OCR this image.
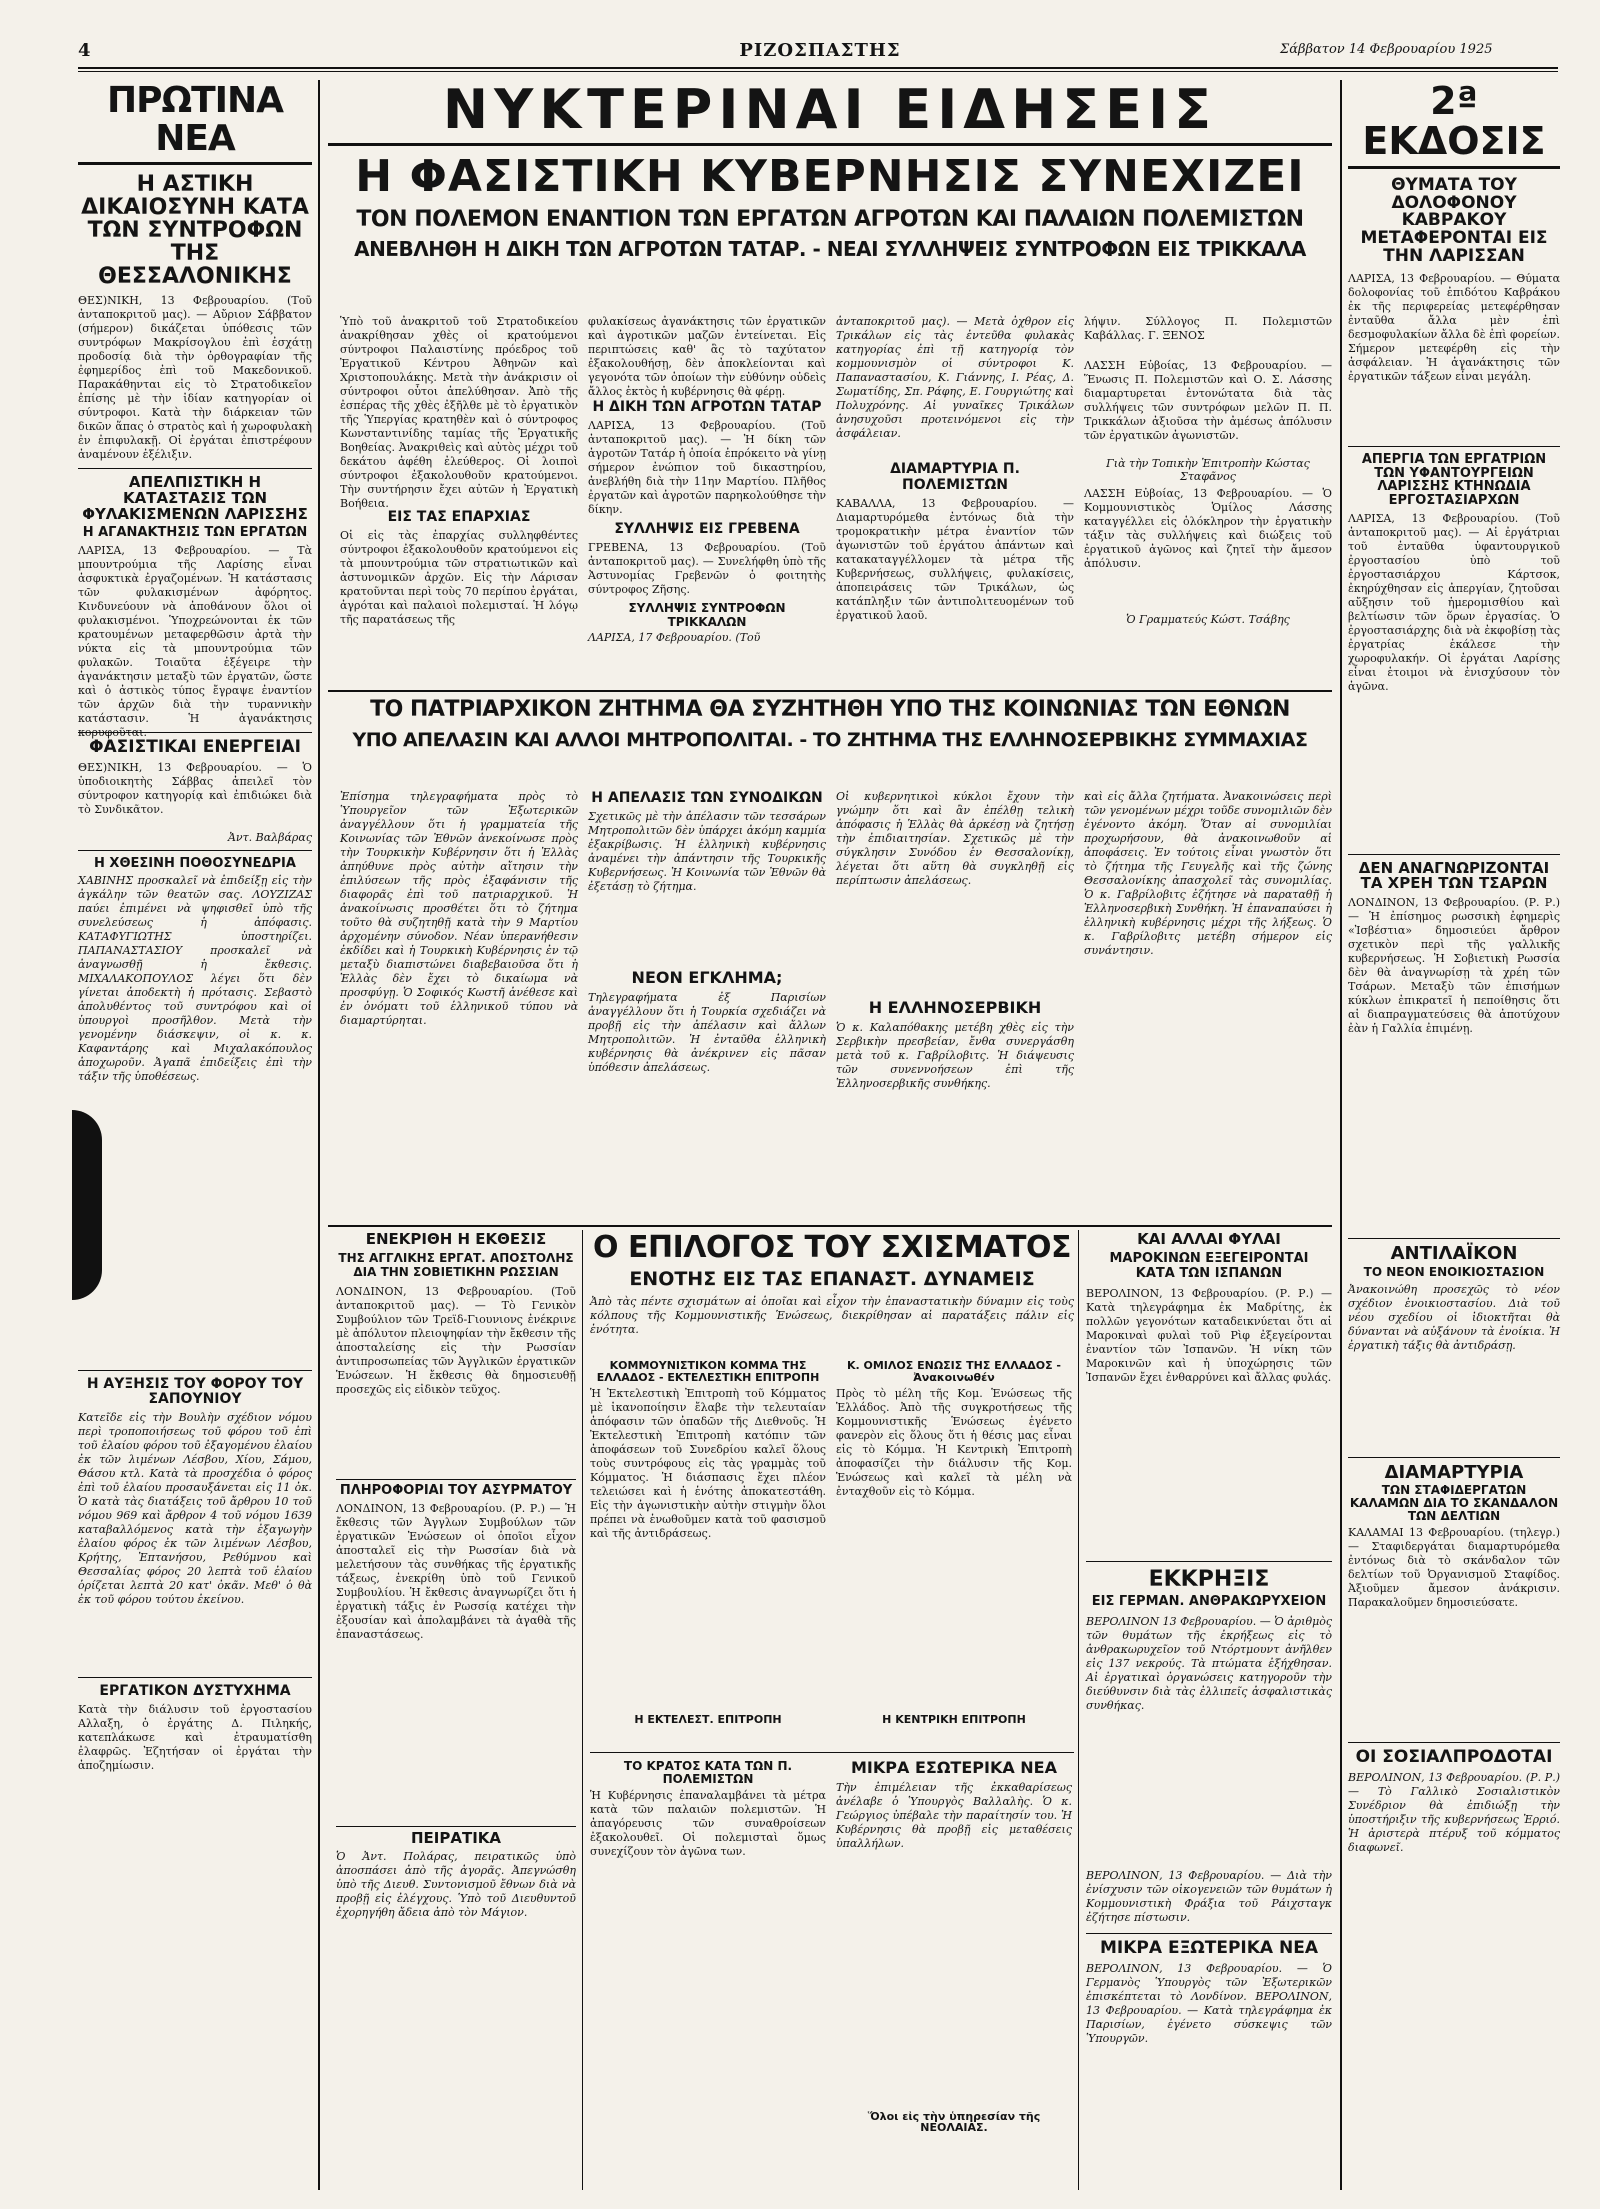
4	ΡΙΖΟΣΠΑΣΤΗΣ	Σάββατον 14 Φεβρουαρίου 1925
ΠΡΩΤΙΝΑ ΝΕΑ
Η ΑΣΤΙΚΗ ΔΙΚΑΙΟΣΥΝΗ ΚΑΤΑ ΤΩΝ ΣΥΝΤΡΟΦΩΝ ΤΗΣ ΘΕΣΣΑΛΟΝΙΚΗΣ
ΘΕΣ)ΝΙΚΗ, 13 Φεβρουαρίου. (Τοῦ ἀνταποκριτοῦ μας). — Αὔριον Σάββατον (σήμερον) δικάζεται ὑπόθεσις τῶν συντρόφων Μακρίσογλου ἐπὶ ἐσχάτῃ προδοσίᾳ διὰ τὴν ὀρθογραφίαν τῆς ἐφημερίδος ἐπὶ τοῦ Μακεδονικοῦ. Παρακάθηνται εἰς τὸ Στρατοδικεῖον ἐπίσης μὲ τὴν ἰδίαν κατηγορίαν οἱ σύντροφοι. Κατὰ τὴν διάρκειαν τῶν δικῶν ἅπας ὁ στρατὸς καὶ ἡ χωροφυλακὴ ἐν ἐπιφυλακῇ. Οἱ ἐργάται ἐπιστρέφουν ἀναμένουν ἐξέλιξιν.
ΑΠΕΛΠΙΣΤΙΚΗ Η ΚΑΤΑΣΤΑΣΙΣ ΤΩΝ ΦΥΛΑΚΙΣΜΕΝΩΝ ΛΑΡΙΣΣΗΣ
Η ΑΓΑΝΑΚΤΗΣΙΣ ΤΩΝ ΕΡΓΑΤΩΝ
ΛΑΡΙΣΑ, 13 Φεβρουαρίου. — Τὰ μπουντρούμια τῆς Λαρίσης εἶναι ἀσφυκτικὰ ἐργαζομένων. Ἡ κατάστασις τῶν φυλακισμένων ἀφόρητος. Κινδυνεύουν νὰ ἀποθάνουν ὅλοι οἱ φυλακισμένοι. Ὑποχρεώνονται ἐκ τῶν κρατουμένων μεταφερθῶσιν ἀρτὰ τὴν νύκτα εἰς τὰ μπουντρούμια τῶν φυλακῶν. Τοιαῦτα ἐξέγειρε τὴν ἀγανάκτησιν μεταξὺ τῶν ἐργατῶν, ὥστε καὶ ὁ ἀστικὸς τύπος ἔγραψε ἐναντίον τῶν ἀρχῶν διὰ τὴν τυραννικὴν κατάστασιν. Ἡ ἀγανάκτησις κορυφοῦται.
ΦΑΣΙΣΤΙΚΑΙ ΕΝΕΡΓΕΙΑΙ
ΘΕΣ)ΝΙΚΗ, 13 Φεβρουαρίου. — Ὁ ὑποδιοικητὴς Σάββας ἀπειλεῖ τὸν σύντροφον κατηγορίᾳ καὶ ἐπιδιώκει διὰ τὸ Συνδικᾶτον.
Ἀντ. Βαλβάρας
Η ΧΘΕΣΙΝΗ ΠΟΘΟΣΥΝΕΔΡΙΑ
ΧΑΒΙΝΗΣ προσκαλεῖ νὰ ἐπιδείξῃ εἰς τὴν ἀγκάλην τῶν θεατῶν σας. ΛΟΥΖΙΖΑΣ παύει ἐπιμένει νὰ ψηφισθεῖ ὑπὸ τῆς συνελεύσεως ἡ ἀπόφασις. ΚΑΤΑΦΥΓΙΩΤΗΣ ὑποστηρίζει. ΠΑΠΑΝΑΣΤΑΣΙΟΥ προσκαλεῖ νὰ ἀναγνωσθῇ ἡ ἔκθεσις. ΜΙΧΑΛΑΚΟΠΟΥΛΟΣ λέγει ὅτι δὲν γίνεται ἀποδεκτὴ ἡ πρότασις. Σεβαστὸ ἀπολυθέντος τοῦ συντρόφου καὶ οἱ ὑπουργοὶ προσῆλθον. Μετὰ τὴν γενομένην διάσκεψιν, οἱ κ. κ. Καφαντάρης καὶ Μιχαλακόπουλος ἀποχωροῦν. Ἀγαπᾶ ἐπιδείξεις ἐπὶ τὴν τάξιν τῆς ὑποθέσεως.
Η ΑΥΞΗΣΙΣ ΤΟΥ ΦΟΡΟΥ ΤΟΥ ΣΑΠΟΥΝΙΟΥ
Κατεῖδε εἰς τὴν Βουλὴν σχέδιον νόμου περὶ τροποποιήσεως τοῦ φόρου τοῦ ἐπὶ τοῦ ἐλαίου φόρου τοῦ ἐξαγομένου ἐλαίου ἐκ τῶν λιμένων Λέσβου, Χίου, Σάμου, Θάσου κτλ. Κατὰ τὰ προσχέδια ὁ φόρος ἐπὶ τοῦ ἐλαίου προσαυξάνεται εἰς 11 ὀκ. Ὁ κατὰ τὰς διατάξεις τοῦ ἄρθρου 10 τοῦ νόμου 969 καὶ ἄρθρον 4 τοῦ νόμου 1639 καταβαλλόμενος κατὰ τὴν ἐξαγωγὴν ἐλαίου φόρος ἐκ τῶν λιμένων Λέσβου, Κρήτης, Ἐπτανήσου, Ρεθύμνου καὶ Θεσσαλίας φόρος 20 λεπτὰ τοῦ ἐλαίου ὁρίζεται λεπτὰ 20 κατ' ὀκᾶν. Μεθ' ὁ θὰ ἐκ τοῦ φόρου τούτου ἐκείνου.
ΕΡΓΑΤΙΚΟΝ ΔΥΣΤΥΧΗΜΑ
Κατὰ τὴν διάλυσιν τοῦ ἐργοστασίου Αλλαξη, ὁ ἐργάτης Δ. Πιληκής, κατεπλάκωσε καὶ ἐτραυματίσθη ἐλαφρῶς. Ἐζητήσαν οἱ ἐργάται τὴν ἀποζημίωσιν.
ΝΥΚΤΕΡΙΝΑΙ ΕΙΔΗΣΕΙΣ
Η ΦΑΣΙΣΤΙΚΗ ΚΥΒΕΡΝΗΣΙΣ ΣΥΝΕΧΙΖΕΙ
ΤΟΝ ΠΟΛΕΜΟΝ ΕΝΑΝΤΙΟΝ ΤΩΝ ΕΡΓΑΤΩΝ ΑΓΡΟΤΩΝ ΚΑΙ ΠΑΛΑΙΩΝ ΠΟΛΕΜΙΣΤΩΝ
ΑΝΕΒΛΗΘΗ Η ΔΙΚΗ ΤΩΝ ΑΓΡΟΤΩΝ ΤΑΤΑΡ. - ΝΕΑΙ ΣΥΛΛΗΨΕΙΣ ΣΥΝΤΡΟΦΩΝ ΕΙΣ ΤΡΙΚΚΑΛΑ
Ὑπὸ τοῦ ἀνακριτοῦ τοῦ Στρατοδικείου ἀνακρίθησαν χθὲς οἱ κρατούμενοι σύντροφοι Παλαιστίνης πρόεδρος τοῦ Ἐργατικοῦ Κέντρου Ἀθηνῶν καὶ Χριστοπουλάκης. Μετὰ τὴν ἀνάκρισιν οἱ σύντροφοι οὗτοι ἀπελύθησαν. Ἀπὸ τῆς ἐσπέρας τῆς χθὲς ἐξῆλθε μὲ τὸ ἐργατικὸν τῆς Ὑπεργίας κρατηθὲν καὶ ὁ σύντροφος Κωνσταντινίδης ταμίας τῆς Ἐργατικῆς Βοηθείας. Ἀνακριθεὶς καὶ αὐτὸς μέχρι τοῦ δεκάτου ἀφέθη ἐλεύθερος. Οἱ λοιποὶ σύντροφοι ἐξακολουθοῦν κρατούμενοι. Τὴν συντήρησιν ἔχει αὐτῶν ἡ Ἐργατικὴ Βοήθεια.
ΕΙΣ ΤΑΣ ΕΠΑΡΧΙΑΣ
Οἱ εἰς τὰς ἐπαρχίας συλληφθέντες σύντροφοι ἐξακολουθοῦν κρατούμενοι εἰς τὰ μπουντρούμια τῶν στρατιωτικῶν καὶ ἀστυνομικῶν ἀρχῶν. Εἰς τὴν Λάρισαν κρατοῦνται περὶ τοὺς 70 περίπου ἐργάται, ἀγρόται καὶ παλαιοὶ πολεμισταί. Ἡ λόγῳ τῆς παρατάσεως τῆς
φυλακίσεως ἀγανάκτησις τῶν ἐργατικῶν καὶ ἀγροτικῶν μαζῶν ἐντείνεται. Εἰς περιπτώσεις καθ' ἃς τὸ ταχύτατον ἐξακολουθήσῃ, δὲν ἀποκλείονται καὶ γεγονότα τῶν ὁποίων τὴν εὐθύνην οὐδεὶς ἄλλος ἐκτὸς ἡ κυβέρνησις θὰ φέρῃ.
Η ΔΙΚΗ ΤΩΝ ΑΓΡΟΤΩΝ ΤΑΤΑΡ
ΛΑΡΙΣΑ, 13 Φεβρουαρίου. (Τοῦ ἀνταποκριτοῦ μας). — Ἡ δίκη τῶν ἀγροτῶν Τατάρ ἡ ὁποία ἐπρόκειτο νὰ γίνῃ σήμερον ἐνώπιον τοῦ δικαστηρίου, ἀνεβλήθη διὰ τὴν 11ην Μαρτίου. Πλῆθος ἐργατῶν καὶ ἀγροτῶν παρηκολούθησε τὴν δίκην.
ΣΥΛΛΗΨΙΣ ΕΙΣ ΓΡΕΒΕΝΑ
ΓΡΕΒΕΝΑ, 13 Φεβρουαρίου. (Τοῦ ἀνταποκριτοῦ μας). — Συνελήφθη ὑπὸ τῆς Ἀστυνομίας Γρεβενῶν ὁ φοιτητὴς σύντροφος Ζῆσης.
ΣΥΛΛΗΨΙΣ ΣΥΝΤΡΟΦΩΝ ΤΡΙΚΚΑΛΩΝ
ΛΑΡΙΣΑ, 17 Φεβρουαρίου. (Τοῦ
ἀνταποκριτοῦ μας). — Μετὰ ὀχθρον εἰς Τρικάλων εἰς τὰς ἐντεῦθα φυλακὰς κατηγορίας ἐπὶ τῇ κατηγορίᾳ τὸν κομμουνισμὸν οἱ σύντροφοι Κ. Παπαναστασίου, Κ. Γιάννης, Ι. Ρέας, Δ. Σωματίδης, Σπ. Ράφης, Ε. Γουργιώτης καὶ Πολυχρόνης. Αἱ γυναῖκες Τρικάλων ἀνησυχοῦσι προτεινόμενοι εἰς τὴν ἀσφάλειαν.
ΔΙΑΜΑΡΤΥΡΙΑ Π. ΠΟΛΕΜΙΣΤΩΝ
ΚΑΒΑΛΛΑ, 13 Φεβρουαρίου. — Διαμαρτυρόμεθα ἐντόνως διὰ τὴν τρομοκρατικὴν μέτρα ἐναντίον τῶν ἀγωνιστῶν τοῦ ἐργάτου ἁπάντων καὶ κατακαταγγέλλομεν τὰ μέτρα τῆς Κυβερνήσεως, συλλήψεις, φυλακίσεις, ἀποπειράσεις τῶν Τρικάλων, ὡς κατάπληξιν τῶν ἀντιπολιτευομένων τοῦ ἐργατικοῦ λαοῦ.
λήψιν. Σύλλογος Π. Πολεμιστῶν Καβάλλας. Γ. ΞΕΝΟΣ
ΛΑΣΣΗ Εὐβοίας, 13 Φεβρουαρίου. — Ἕνωσις Π. Πολεμιστῶν καὶ Ο. Σ. Λάσσης διαμαρτυρεται ἐντονώτατα διὰ τὰς συλλήψεις τῶν συντρόφων μελῶν Π. Π. Τρικκάλων ἀξιοῦσα τὴν ἀμέσως ἀπόλυσιν τῶν ἐργατικῶν ἀγωνιστῶν.
Γιὰ τὴν Τοπικὴν Ἐπιτροπὴν Κώστας Σταφᾶνος
ΛΑΣΣΗ Εὐβοίας, 13 Φεβρουαρίου. — Ὁ Κομμουνιστικὸς Ὁμίλος Λάσσης καταγγέλλει εἰς ὁλόκληρον τὴν ἐργατικὴν τάξιν τὰς συλλήψεις καὶ διώξεις τοῦ ἐργατικοῦ ἀγῶνος καὶ ζητεῖ τὴν ἄμεσον ἀπόλυσιν.
Ὁ Γραμματεύς Κώστ. Τσάβης
ΤΟ ΠΑΤΡΙΑΡΧΙΚΟΝ ΖΗΤΗΜΑ ΘΑ ΣΥΖΗΤΗΘΗ ΥΠΟ ΤΗΣ ΚΟΙΝΩΝΙΑΣ ΤΩΝ ΕΘΝΩΝ
ΥΠΟ ΑΠΕΛΑΣΙΝ ΚΑΙ ΑΛΛΟΙ ΜΗΤΡΟΠΟΛΙΤΑΙ. - ΤΟ ΖΗΤΗΜΑ ΤΗΣ ΕΛΛΗΝΟΣΕΡΒΙΚΗΣ ΣΥΜΜΑΧΙΑΣ
Ἐπίσημα τηλεγραφήματα πρὸς τὸ Ὑπουργεῖον τῶν Ἐξωτερικῶν ἀναγγέλλουν ὅτι ἡ γραμματεία τῆς Κοινωνίας τῶν Ἐθνῶν ἀνεκοίνωσε πρὸς τὴν Τουρκικὴν Κυβέρνησιν ὅτι ἡ Ἑλλὰς ἀπηύθυνε πρὸς αὐτὴν αἴτησιν τὴν ἐπιλύσεων τῆς πρὸς ἐξαφάνισιν τῆς διαφορᾶς ἐπὶ τοῦ πατριαρχικοῦ. Ἡ ἀνακοίνωσις προσθέτει ὅτι τὸ ζήτημα τοῦτο θὰ συζητηθῇ κατὰ τὴν 9 Μαρτίου ἀρχομένην σύνοδον. Νέαν ὑπερανήθεσιν ἐκδίδει καὶ ἡ Τουρκικὴ Κυβέρνησις ἐν τῷ μεταξὺ διαπιστώνει διαβεβαιοῦσα ὅτι ἡ Ἑλλὰς δὲν ἔχει τὸ δικαίωμα νὰ προσφύγῃ. Ὁ Σοφικός Κωστῆ ἀνέθεσε καὶ ἐν ὀνόματι τοῦ ἑλληνικοῦ τύπου νὰ διαμαρτύρηται.
Η ΑΠΕΛΑΣΙΣ ΤΩΝ ΣΥΝΟΔΙΚΩΝ
Σχετικῶς μὲ τὴν ἀπέλασιν τῶν τεσσάρων Μητροπολιτῶν δὲν ὑπάρχει ἀκόμη καμμία ἐξακρίβωσις. Ἡ ἑλληνικὴ κυβέρνησις ἀναμένει τὴν ἀπάντησιν τῆς Τουρκικῆς Κυβερνήσεως. Ἡ Κοινωνία τῶν Ἐθνῶν θὰ ἐξετάσῃ τὸ ζήτημα.
ΝΕΟΝ ΕΓΚΛΗΜΑ;
Τηλεγραφήματα ἐξ Παρισίων ἀναγγέλλουν ὅτι ἡ Τουρκία σχεδιάζει νὰ προβῇ εἰς τὴν ἀπέλασιν καὶ ἄλλων Μητροπολιτῶν. Ἡ ἐνταῦθα ἑλληνικὴ κυβέρνησις θὰ ἀνέκρινεν εἰς πᾶσαν ὑπόθεσιν ἀπελάσεως.
Οἱ κυβερνητικοὶ κύκλοι ἔχουν τὴν γνώμην ὅτι καὶ ἂν ἐπέλθῃ τελικὴ ἀπόφασις ἡ Ἑλλὰς θὰ ἀρκέσῃ νὰ ζητήσῃ τὴν ἐπιδιαιτησίαν. Σχετικῶς μὲ τὴν σύγκλησιν Συνόδου ἐν Θεσσαλονίκῃ, λέγεται ὅτι αὕτη θὰ συγκληθῇ εἰς περίπτωσιν ἀπελάσεως.
Η ΕΛΛΗΝΟΣΕΡΒΙΚΗ
Ὁ κ. Καλαπόθακης μετέβη χθὲς εἰς τὴν Σερβικὴν πρεσβείαν, ἔνθα συνεργάσθη μετὰ τοῦ κ. Γαβρίλοβιτς. Ἡ διάψευσις τῶν συνεννοήσεων ἐπὶ τῆς Ἑλληνοσερβικῆς συνθήκης.
καὶ εἰς ἄλλα ζητήματα. Ἀνακοινώσεις περὶ τῶν γενομένων μέχρι τοῦδε συνομιλιῶν δὲν ἐγένοντο ἀκόμη. Ὅταν αἱ συνομιλίαι προχωρήσουν, θὰ ἀνακοινωθοῦν αἱ ἀποφάσεις. Ἐν τούτοις εἶναι γνωστὸν ὅτι τὸ ζήτημα τῆς Γευγελῆς καὶ τῆς ζώνης Θεσσαλονίκης ἀπασχολεῖ τὰς συνομιλίας. Ὁ κ. Γαβρίλοβιτς ἐζήτησε νὰ παραταθῇ ἡ Ἑλληνοσερβικὴ Συνθήκη. Ἡ ἐπαναπαύσει ἡ ἑλληνικὴ κυβέρνησις μέχρι τῆς λήξεως. Ὁ κ. Γαβρίλοβιτς μετέβη σήμερον εἰς συνάντησιν.
ΕΝΕΚΡΙΘΗ Η ΕΚΘΕΣΙΣ
ΤΗΣ ΑΓΓΛΙΚΗΣ ΕΡΓΑΤ. ΑΠΟΣΤΟΛΗΣ
ΔΙΑ ΤΗΝ ΣΟΒΙΕΤΙΚΗΝ ΡΩΣΣΙΑΝ
ΛΟΝΔΙΝΟΝ, 13 Φεβρουαρίου. (Τοῦ ἀνταποκριτοῦ μας). — Τὸ Γενικὸν Συμβούλιον τῶν Τρεϊδ-Γιουνιονς ἐνέκρινε μὲ ἀπόλυτον πλειοψηφίαν τὴν ἔκθεσιν τῆς ἀποσταλείσης εἰς τὴν Ρωσσίαν ἀντιπροσωπείας τῶν Ἀγγλικῶν ἐργατικῶν Ἑνώσεων. Ἡ ἔκθεσις θὰ δημοσιευθῇ προσεχῶς εἰς εἰδικὸν τεῦχος.
ΠΛΗΡΟΦΟΡΙΑΙ ΤΟΥ ΑΣΥΡΜΑΤΟΥ
ΛΟΝΔΙΝΟΝ, 13 Φεβρουαρίου. (Ρ. Ρ.) — Ἡ ἔκθεσις τῶν Ἀγγλων Συμβούλων τῶν ἐργατικῶν Ἑνώσεων οἱ ὁποῖοι εἶχον ἀποσταλεῖ εἰς τὴν Ρωσσίαν διὰ νὰ μελετήσουν τὰς συνθήκας τῆς ἐργατικῆς τάξεως, ἐνεκρίθη ὑπὸ τοῦ Γενικοῦ Συμβουλίου. Ἡ ἔκθεσις ἀναγνωρίζει ὅτι ἡ ἐργατικὴ τάξις ἐν Ρωσσίᾳ κατέχει τὴν ἐξουσίαν καὶ ἀπολαμβάνει τὰ ἀγαθὰ τῆς ἐπαναστάσεως.
ΠΕΙΡΑΤΙΚΑ
Ὁ Ἀντ. Πολάρας, πειρατικῶς ὑπὸ ἀποσπάσει ἀπὸ τῆς ἀγορᾶς. Ἀπεγνώσθη ὑπὸ τῆς Διευθ. Συντονισμοῦ ἔθνων διὰ νὰ προβῇ εἰς ἐλέγχους. Ὑπὸ τοῦ Διευθυντοῦ ἐχορηγήθη ἄδεια ἀπὸ τὸν Μάγιον.
Ο ΕΠΙΛΟΓΟΣ ΤΟΥ ΣΧΙΣΜΑΤΟΣ
ΕΝΟΤΗΣ ΕΙΣ ΤΑΣ ΕΠΑΝΑΣΤ. ΔΥΝΑΜΕΙΣ
Ἀπὸ τὰς πέντε σχισμάτων αἱ ὁποῖαι καὶ εἶχον τὴν ἐπαναστατικὴν δύναμιν εἰς τοὺς κόλπους τῆς Κομμουνιστικῆς Ἑνώσεως, διεκρίθησαν αἱ παρατάξεις πάλιν εἰς ἑνότητα.
ΚΟΜΜΟΥΝΙΣΤΙΚΟΝ ΚΟΜΜΑ ΤΗΣ ΕΛΛΑΔΟΣ - ΕΚΤΕΛΕΣΤΙΚΗ ΕΠΙΤΡΟΠΗ
Ἡ Ἐκτελεστικὴ Ἐπιτροπὴ τοῦ Κόμματος μὲ ἱκανοποίησιν ἔλαβε τὴν τελευταίαν ἀπόφασιν τῶν ὀπαδῶν τῆς Διεθνοῦς. Ἡ Ἐκτελεστικὴ Ἐπιτροπὴ κατόπιν τῶν ἀποφάσεων τοῦ Συνεδρίου καλεῖ ὅλους τοὺς συντρόφους εἰς τὰς γραμμὰς τοῦ Κόμματος. Ἡ διάσπασις ἔχει πλέον τελειώσει καὶ ἡ ἑνότης ἀποκατεστάθη. Εἰς τὴν ἀγωνιστικὴν αὐτὴν στιγμὴν ὅλοι πρέπει νὰ ἑνωθοῦμεν κατὰ τοῦ φασισμοῦ καὶ τῆς ἀντιδράσεως.
Η ΕΚΤΕΛΕΣΤ. ΕΠΙΤΡΟΠΗ
Κ. ΟΜΙΛΟΣ ΕΝΩΣΙΣ ΤΗΣ ΕΛΛΑΔΟΣ - Ἀνακοινωθέν
Πρὸς τὸ μέλη τῆς Κομ. Ἑνώσεως τῆς Ἑλλάδος. Ἀπὸ τῆς συγκροτήσεως τῆς Κομμουνιστικῆς Ἑνώσεως ἐγένετο φανερὸν εἰς ὅλους ὅτι ἡ θέσις μας εἶναι εἰς τὸ Κόμμα. Ἡ Κεντρικὴ Ἐπιτροπὴ ἀποφασίζει τὴν διάλυσιν τῆς Κομ. Ἑνώσεως καὶ καλεῖ τὰ μέλη νὰ ἐνταχθοῦν εἰς τὸ Κόμμα.
Η ΚΕΝΤΡΙΚΗ ΕΠΙΤΡΟΠΗ
ΤΟ ΚΡΑΤΟΣ ΚΑΤΑ ΤΩΝ Π. ΠΟΛΕΜΙΣΤΩΝ
Ἡ Κυβέρνησις ἐπαναλαμβάνει τὰ μέτρα κατὰ τῶν παλαιῶν πολεμιστῶν. Ἡ ἀπαγόρευσις τῶν συναθροίσεων ἐξακολουθεῖ. Οἱ πολεμισταὶ ὅμως συνεχίζουν τὸν ἀγῶνα των.
ΜΙΚΡΑ ΕΣΩΤΕΡΙΚΑ ΝΕΑ
Τὴν ἐπιμέλειαν τῆς ἐκκαθαρίσεως ἀνέλαβε ὁ Ὑπουργὸς Βαλλαλὴς. Ὁ κ. Γεώργιος ὑπέβαλε τὴν παραίτησίν του. Ἡ Κυβέρνησις θὰ προβῇ εἰς μεταθέσεις ὑπαλλήλων.
Ὅλοι εἰς τὴν ὑπηρεσίαν τῆς ΝΕΟΛΑΙΑΣ.
ΚΑΙ ΑΛΛΑΙ ΦΥΛΑΙ
ΜΑΡΟΚΙΝΩΝ ΕΞΕΓΕΙΡΟΝΤΑΙ
ΚΑΤΑ ΤΩΝ ΙΣΠΑΝΩΝ
ΒΕΡΟΛΙΝΟΝ, 13 Φεβρουαρίου. (Ρ. Ρ.) — Κατὰ τηλεγράφημα ἐκ Μαδρίτης, ἐκ πολλῶν γεγονότων καταδεικνύεται ὅτι αἱ Μαροκιναὶ φυλαὶ τοῦ Ρὶφ ἐξεγείρονται ἐναντίον τῶν Ἰσπανῶν. Ἡ νίκη τῶν Μαροκινῶν καὶ ἡ ὑποχώρησις τῶν Ἰσπανῶν ἔχει ἐνθαρρύνει καὶ ἄλλας φυλάς.
ΕΚΚΡΗΞΙΣ
ΕΙΣ ΓΕΡΜΑΝ. ΑΝΘΡΑΚΩΡΥΧΕΙΟΝ
ΒΕΡΟΛΙΝΟΝ 13 Φεβρουαρίου. — Ὁ ἀριθμὸς τῶν θυμάτων τῆς ἐκρήξεως εἰς τὸ ἀνθρακωρυχεῖον τοῦ Ντόρτμουντ ἀνῆλθεν εἰς 137 νεκρούς. Τὰ πτώματα ἐξήχθησαν. Αἱ ἐργατικαὶ ὀργανώσεις κατηγοροῦν τὴν διεύθυνσιν διὰ τὰς ἐλλιπεῖς ἀσφαλιστικὰς συνθήκας.
ΒΕΡΟΛΙΝΟΝ, 13 Φεβρουαρίου. — Διὰ τὴν ἐνίσχυσιν τῶν οἰκογενειῶν τῶν θυμάτων ἡ Κομμουνιστικὴ Φράξια τοῦ Ράιχσταγκ ἐζήτησε πίστωσιν.
ΜΙΚΡΑ ΕΞΩΤΕΡΙΚΑ ΝΕΑ
ΒΕΡΟΛΙΝΟΝ, 13 Φεβρουαρίου. — Ὁ Γερμανὸς Ὑπουργὸς τῶν Ἐξωτερικῶν ἐπισκέπτεται τὸ Λονδίνον. ΒΕΡΟΛΙΝΟΝ, 13 Φεβρουαρίου. — Κατὰ τηλεγράφημα ἐκ Παρισίων, ἐγένετο σύσκεψις τῶν Ὑπουργῶν.
2ª ΕΚΔΟΣΙΣ
ΘΥΜΑΤΑ ΤΟΥ ΔΟΛΟΦΟΝΟΥ ΚΑΒΡΑΚΟΥ ΜΕΤΑΦΕΡΟΝΤΑΙ ΕΙΣ ΤΗΝ ΛΑΡΙΣΣΑΝ
ΛΑΡΙΣΑ, 13 Φεβρουαρίου. — Θύματα δολοφονίας τοῦ ἐπιδότου Καβράκου ἐκ τῆς περιφερείας μετεφέρθησαν ἐνταῦθα ἄλλα μὲν ἐπὶ δεσμοφυλακίων ἄλλα δὲ ἐπὶ φορείων. Σήμερον μετεφέρθη εἰς τὴν ἀσφάλειαν. Ἡ ἀγανάκτησις τῶν ἐργατικῶν τάξεων εἶναι μεγάλη.
ΑΠΕΡΓΙΑ ΤΩΝ ΕΡΓΑΤΡΙΩΝ ΤΩΝ ΥΦΑΝΤΟΥΡΓΕΙΩΝ ΛΑΡΙΣΣΗΣ ΚΤΗΝΩΔΙΑ ΕΡΓΟΣΤΑΣΙΑΡΧΩΝ
ΛΑΡΙΣΑ, 13 Φεβρουαρίου. (Τοῦ ἀνταποκριτοῦ μας). — Αἱ ἐργάτριαι τοῦ ἐνταῦθα ὑφαντουργικοῦ ἐργοστασίου ὑπὸ τοῦ ἐργοστασιάρχου Κάρτσοκ, ἐκηρύχθησαν εἰς ἀπεργίαν, ζητοῦσαι αὔξησιν τοῦ ἡμερομισθίου καὶ βελτίωσιν τῶν ὅρων ἐργασίας. Ὁ ἐργοστασιάρχης διὰ νὰ ἐκφοβίσῃ τὰς ἐργατρίας ἐκάλεσε τὴν χωροφυλακήν. Οἱ ἐργάται Λαρίσης εἶναι ἑτοιμοι νὰ ἐνισχύσουν τὸν ἀγῶνα.
ΔΕΝ ΑΝΑΓΝΩΡΙΖΟΝΤΑΙ ΤΑ ΧΡΕΗ ΤΩΝ ΤΣΑΡΩΝ
ΛΟΝΔΙΝΟΝ, 13 Φεβρουαρίου. (Ρ. Ρ.) — Ἡ ἐπίσημος ρωσσικὴ ἐφημερὶς «Ἰσβέστια» δημοσιεύει ἄρθρον σχετικὸν περὶ τῆς γαλλικῆς κυβερνήσεως. Ἡ Σοβιετικὴ Ρωσσία δὲν θὰ ἀναγνωρίσῃ τὰ χρέη τῶν Τσάρων. Μεταξὺ τῶν ἐπισήμων κύκλων ἐπικρατεῖ ἡ πεποίθησις ὅτι αἱ διαπραγματεύσεις θὰ ἀποτύχουν ἐὰν ἡ Γαλλία ἐπιμένῃ.
ΑΝΤΙΛΑΪΚΟΝ
ΤΟ ΝΕΟΝ ΕΝΟΙΚΙΟΣΤΑΣΙΟΝ
Ἀνακοινώθη προσεχῶς τὸ νέον σχέδιον ἐνοικιοστασίου. Διὰ τοῦ νέου σχεδίου οἱ ἰδιοκτῆται θὰ δύνανται νὰ αὐξάνουν τὰ ἐνοίκια. Ἡ ἐργατικὴ τάξις θὰ ἀντιδράσῃ.
ΔΙΑΜΑΡΤΥΡΙΑ
ΤΩΝ ΣΤΑΦΙΔΕΡΓΑΤΩΝ ΚΑΛΑΜΩΝ ΔΙΑ ΤΟ ΣΚΑΝΔΑΛΟΝ ΤΩΝ ΔΕΛΤΙΩΝ
ΚΑΛΑΜΑΙ 13 Φεβρουαρίου. (τηλεγρ.) — Σταφιδεργάται διαμαρτυρόμεθα ἐντόνως διὰ τὸ σκάνδαλον τῶν δελτίων τοῦ Ὀργανισμοῦ Σταφίδος. Ἀξιοῦμεν ἄμεσον ἀνάκρισιν. Παρακαλοῦμεν δημοσιεύσατε.
ΟΙ ΣΟΣΙΑΛΠΡΟΔΟΤΑΙ
ΒΕΡΟΛΙΝΟΝ, 13 Φεβρουαρίου. (Ρ. Ρ.) — Τὸ Γαλλικὸ Σοσιαλιστικὸν Συνέδριον θὰ ἐπιδιώξῃ τὴν ὑποστήριξιν τῆς κυβερνήσεως Ἐρριό. Ἡ ἀριστερὰ πτέρυξ τοῦ κόμματος διαφωνεῖ.
